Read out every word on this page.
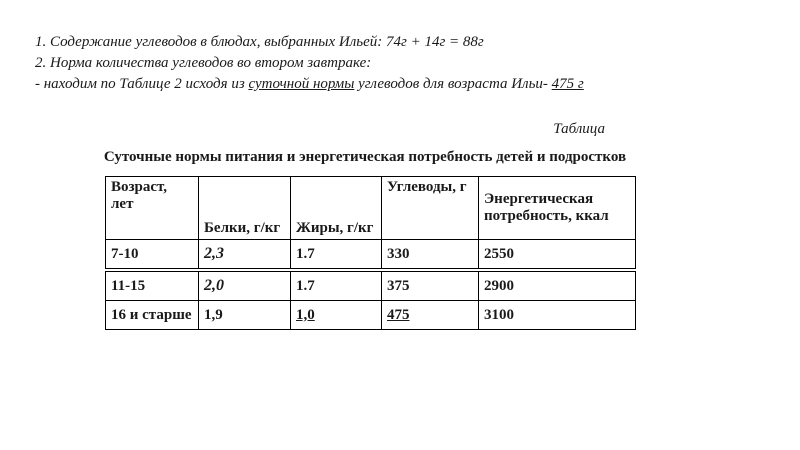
1. Содержание углеводов в блюдах, выбранных Ильей: 74г + 14г = 88г
2. Норма количества углеводов во втором завтраке:
- находим по Таблице 2 исходя из суточной нормы углеводов для возраста Ильи- 475 г
Таблица
Суточные нормы питания и энергетическая потребность детей и подростков
Возраст, лет	Белки, г/кг	Жиры, г/кг	Углеводы, г	Энергетическая потребность, ккал
7-10	2,3	1.7	330	2550
11-15	2,0	1.7	375	2900
16 и старше	1,9	1,0	475	3100
